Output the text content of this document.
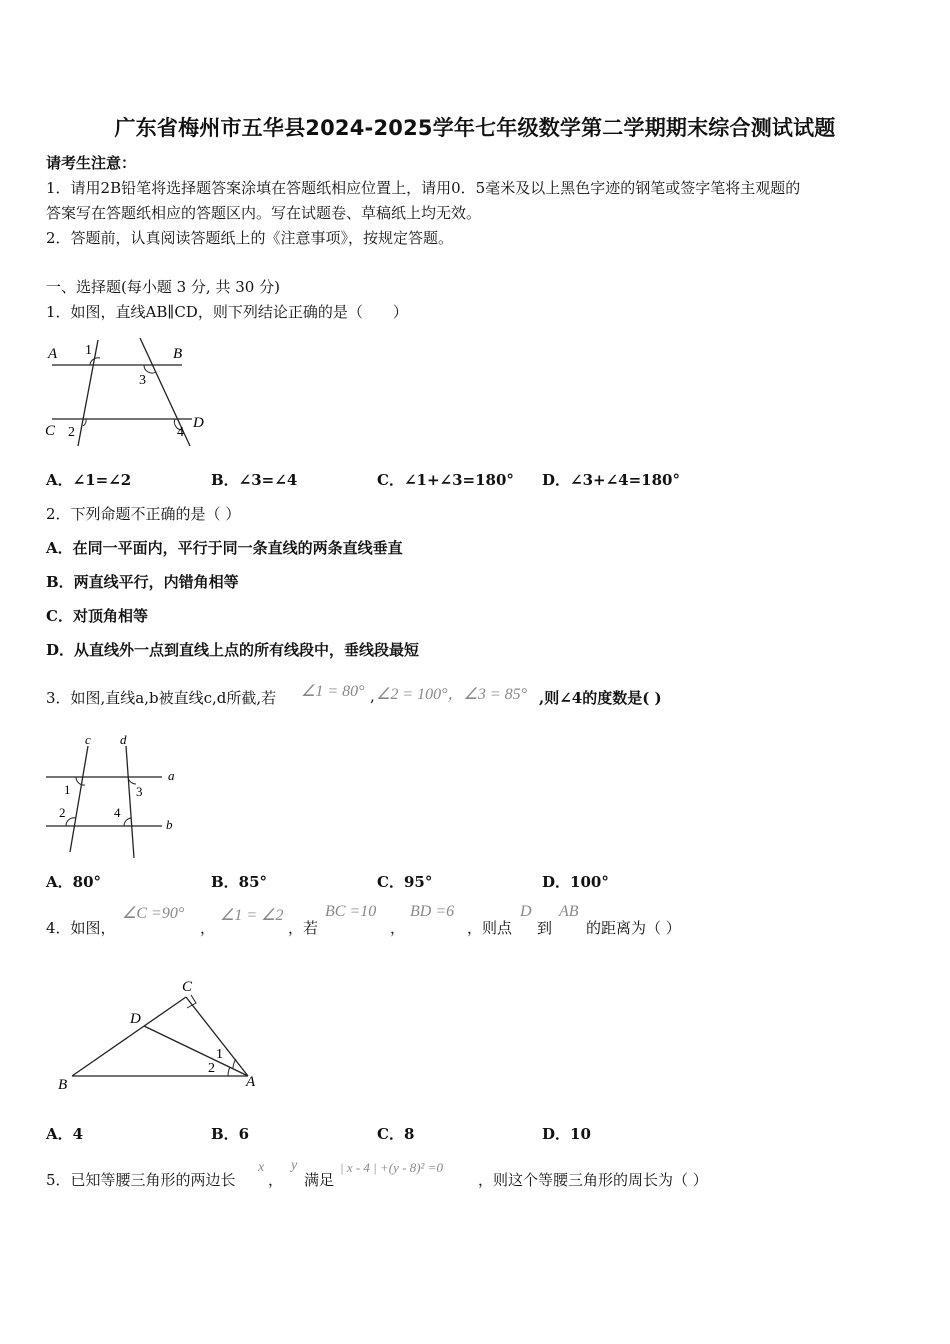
广东省梅州市五华县2024-2025学年七年级数学第二学期期末综合测试试题
请考生注意：
1．请用2B铅笔将选择题答案涂填在答题纸相应位置上，请用0．5毫米及以上黑色字迹的钢笔或签字笔将主观题的
答案写在答题纸相应的答题区内。写在试题卷、草稿纸上均无效。
2．答题前，认真阅读答题纸上的《注意事项》，按规定答题。
一、选择题(每小题 3 分, 共 30 分)
1．如图，直线AB∥CD，则下列结论正确的是（　　）
A	B
C	D
1
3
2	4
A．∠1=∠2	B．∠3=∠4	C．∠1+∠3=180° D．∠3+∠4=180°
2．下列命题不正确的是（ ）
A．在同一平面内，平行于同一条直线的两条直线垂直
B．两直线平行，内错角相等
C．对顶角相等
D．从直线外一点到直线上点的所有线段中，垂线段最短
3．如图,直线a,b被直线c,d所截,若 ∠1 = 80° , ∠2 = 100°，∠3 = 85° ,则∠4的度数是( )
c d
a
b
1	3
2	4
A．80°	B．85°	C．95°	D．100°
4．如图，
∠C =90°
，
∠1 = ∠2
，若
BC =10
，
BD =6
，则点
D
到
AB
的距离为（ ）
C
D
B	A
1
2
A．4	B．6	C．8	D．10
5．已知等腰三角形的两边长
x
，
y
满足
| x - 4 | +(y - 8)² =0
，则这个等腰三角形的周长为（ ）
